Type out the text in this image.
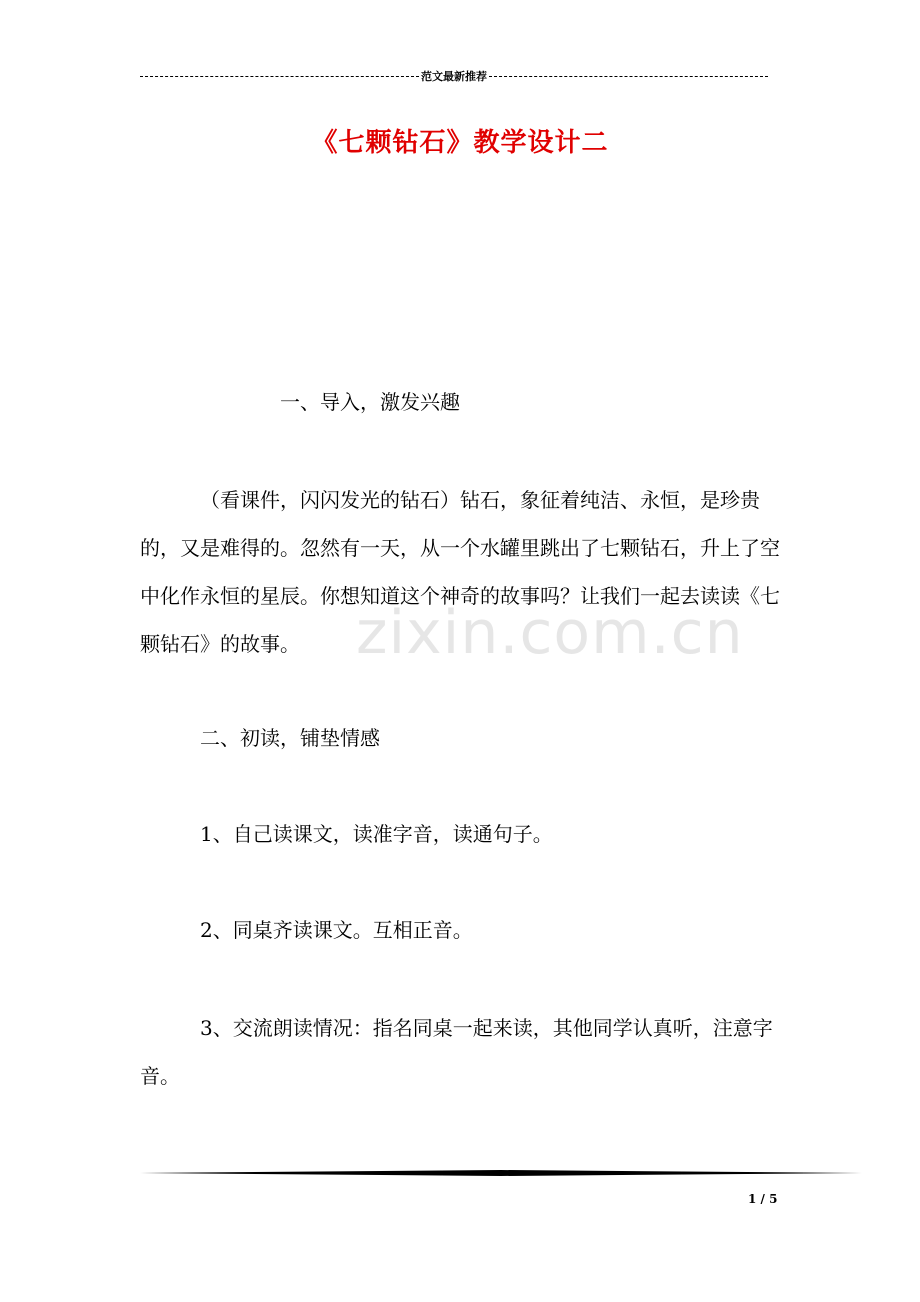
范文最新推荐
《七颗钻石》教学设计二
一、导入，激发兴趣
（看课件，闪闪发光的钻石）钻石，象征着纯洁、永恒，是珍贵的，又是难得的。忽然有一天，从一个水罐里跳出了七颗钻石，升上了空中化作永恒的星辰。你想知道这个神奇的故事吗？让我们一起去读读《七颗钻石》的故事。
二、初读，铺垫情感
1、自己读课文，读准字音，读通句子。
2、同桌齐读课文。互相正音。
3、交流朗读情况：指名同桌一起来读，其他同学认真听，注意字音。
zixin.com.cn
1 / 5
